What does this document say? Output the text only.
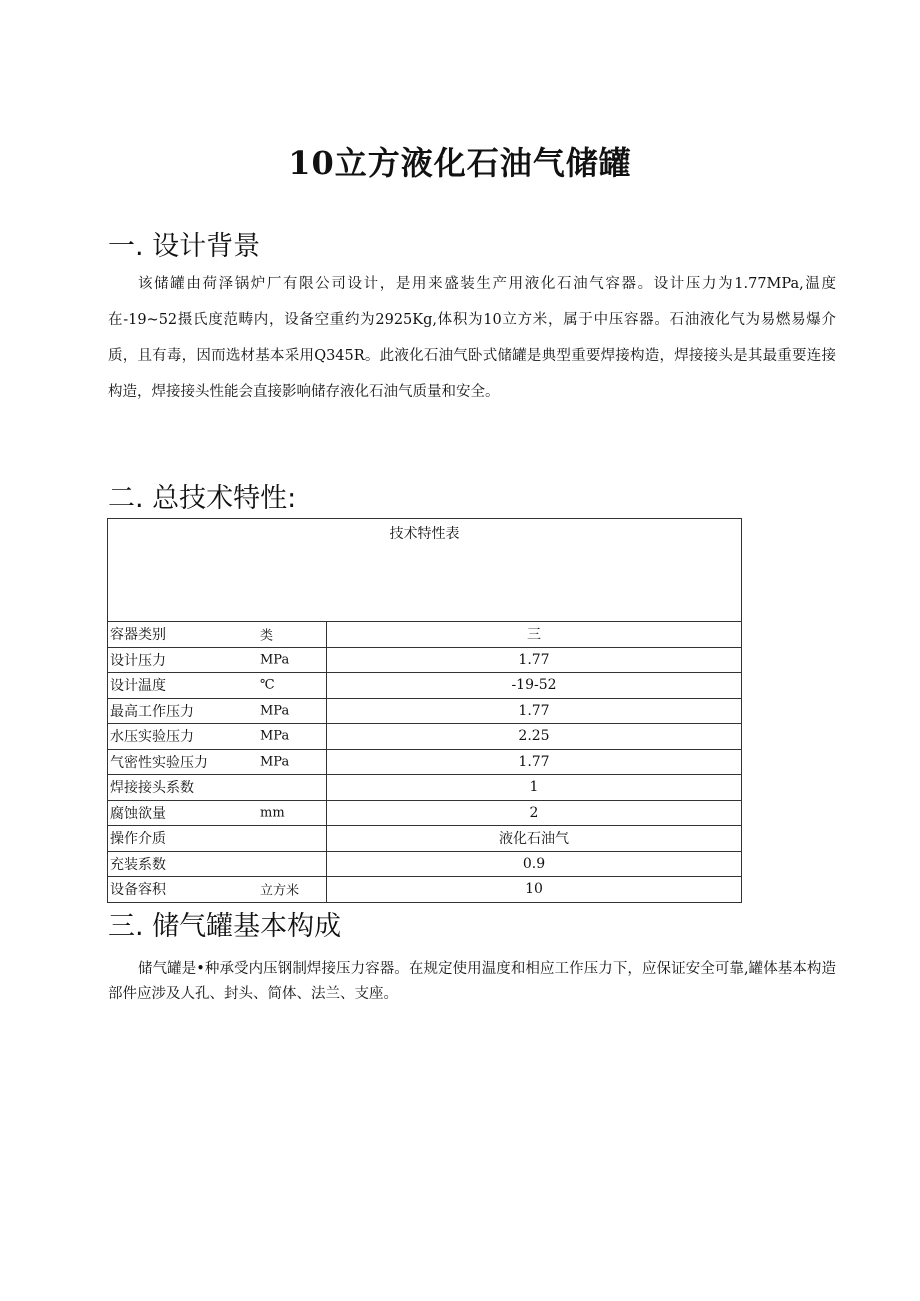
10立方液化石油气储罐
一. 设计背景

该储罐由荷泽锅炉厂有限公司设计，是用来盛装生产用液化石油气容器。设计压力为1.77MPa,温度在-19~52摄氏度范畴内，设备空重约为2925Kg,体积为10立方米，属于中压容器。石油液化气为易燃易爆介质，且有毒，因而选材基本采用Q345R。此液化石油气卧式储罐是典型重要焊接构造，焊接接头是其最重要连接构造，焊接接头性能会直接影响储存液化石油气质量和安全。

二. 总技术特性:
技术特性表	
容器类别 类	三
设计压力 MPa	1.77
设计温度 ℃	-19-52
最高工作压力 MPa	1.77
水压实验压力 MPa	2.25
气密性实验压力 MPa	1.77
焊接接头系数	1
腐蚀欲量 mm	2
操作介质	液化石油气
充装系数	0.9
设备容积 立方米	10
三. 储气罐基本构成

储气罐是•种承受内压钢制焊接压力容器。在规定使用温度和相应工作压力下，应保证安全可靠,罐体基本构造部件应涉及人孔、封头、简体、法兰、支座。
